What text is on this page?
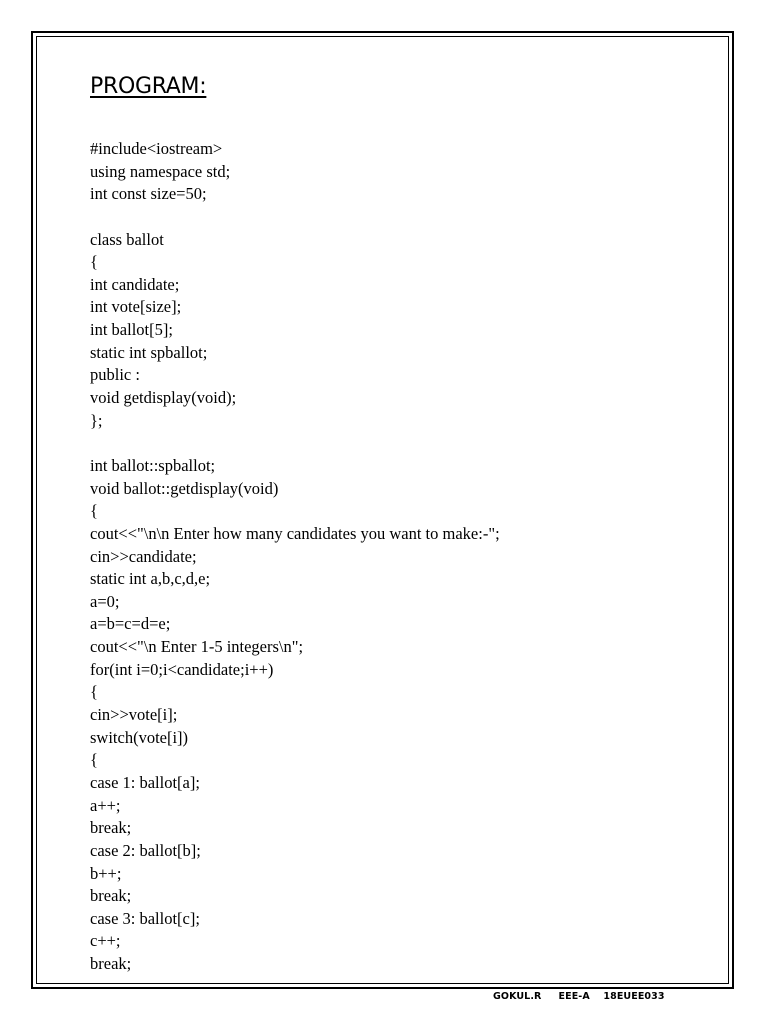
PROGRAM:
#include<iostream>
using namespace std;
int const size=50;
class ballot
{
int candidate;
int vote[size];
int ballot[5];
static int spballot;
public :
void getdisplay(void);
};
int ballot::spballot;
void ballot::getdisplay(void)
{
cout<<"\n\n Enter how many candidates you want to make:-";
cin>>candidate;
static int a,b,c,d,e;
a=0;
a=b=c=d=e;
cout<<"\n Enter 1-5 integers\n";
for(int i=0;i<candidate;i++)
{
cin>>vote[i];
switch(vote[i])
{
case 1: ballot[a];
a++;
break;
case 2: ballot[b];
b++;
break;
case 3: ballot[c];
c++;
break;
GOKUL.R EEE-A 18EUEE033
